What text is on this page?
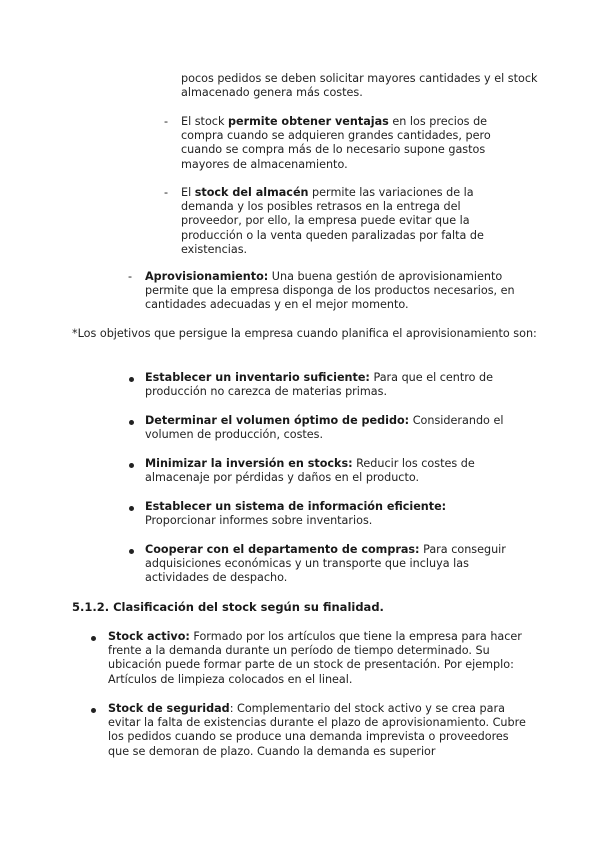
pocos pedidos se deben solicitar mayores cantidades y el stock almacenado genera más costes.

- El stock permite obtener ventajas en los precios de compra cuando se adquieren grandes cantidades, pero cuando se compra más de lo necesario supone gastos mayores de almacenamiento.

- El stock del almacén permite las variaciones de la demanda y los posibles retrasos en la entrega del proveedor, por ello, la empresa puede evitar que la producción o la venta queden paralizadas por falta de existencias.

- Aprovisionamiento: Una buena gestión de aprovisionamiento permite que la empresa disponga de los productos necesarios, en cantidades adecuadas y en el mejor momento.

*Los objetivos que persigue la empresa cuando planifica el aprovisionamiento son:

Establecer un inventario suficiente: Para que el centro de producción no carezca de materias primas.

Determinar el volumen óptimo de pedido: Considerando el volumen de producción, costes.

Minimizar la inversión en stocks: Reducir los costes de almacenaje por pérdidas y daños en el producto.

Establecer un sistema de información eficiente: Proporcionar informes sobre inventarios.

Cooperar con el departamento de compras: Para conseguir adquisiciones económicas y un transporte que incluya las actividades de despacho.

5.1.2. Clasificación del stock según su finalidad.

Stock activo: Formado por los artículos que tiene la empresa para hacer frente a la demanda durante un período de tiempo determinado. Su ubicación puede formar parte de un stock de presentación. Por ejemplo: Artículos de limpieza colocados en el lineal.

Stock de seguridad: Complementario del stock activo y se crea para evitar la falta de existencias durante el plazo de aprovisionamiento. Cubre los pedidos cuando se produce una demanda imprevista o proveedores que se demoran de plazo. Cuando la demanda es superior
